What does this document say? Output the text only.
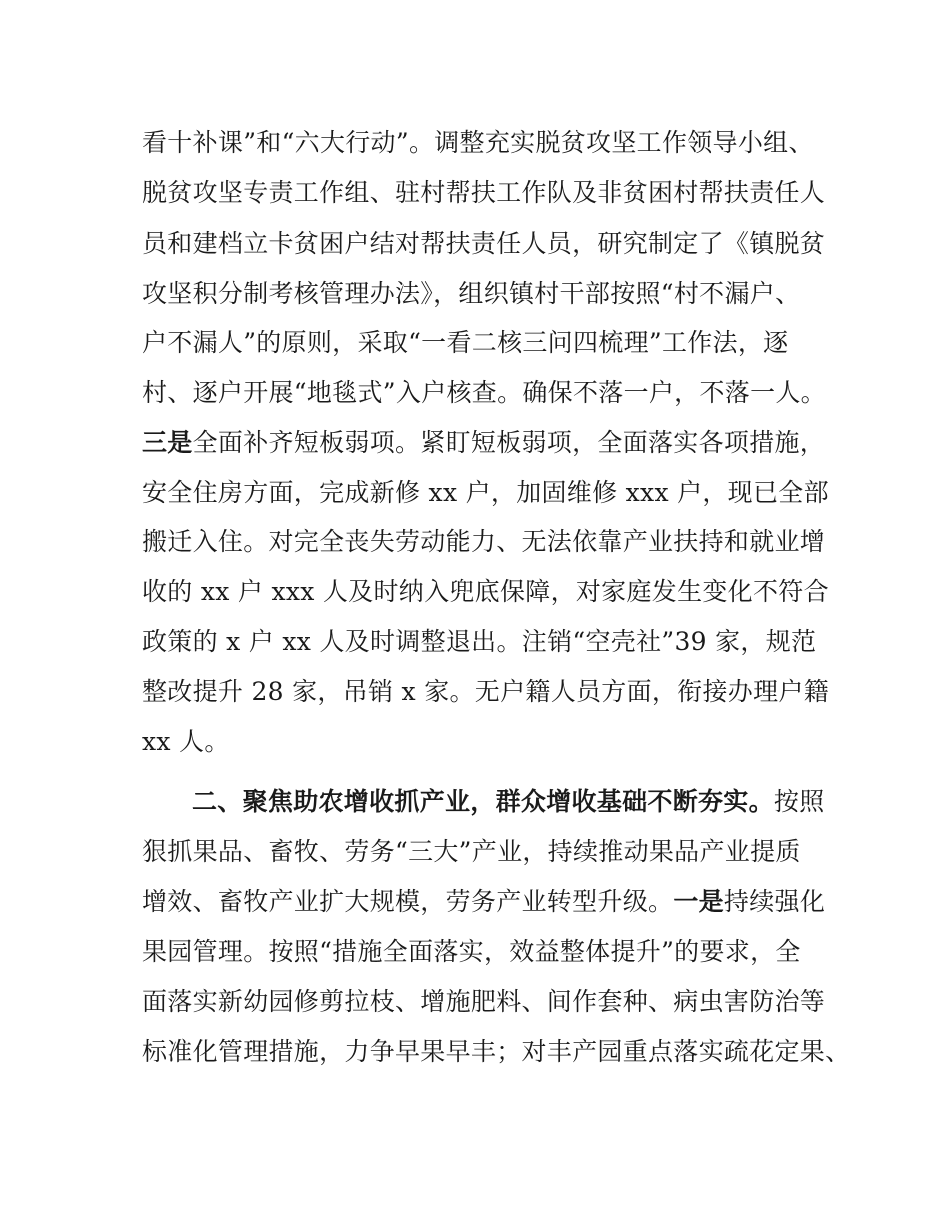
看十补课”和“六大行动”。调整充实脱贫攻坚工作领导小组、
脱贫攻坚专责工作组、驻村帮扶工作队及非贫困村帮扶责任人
员和建档立卡贫困户结对帮扶责任人员，研究制定了《镇脱贫
攻坚积分制考核管理办法》，组织镇村干部按照“村不漏户、
户不漏人”的原则，采取“一看二核三问四梳理”工作法，逐
村、逐户开展“地毯式”入户核查。确保不落一户，不落一人。
三是全面补齐短板弱项。紧盯短板弱项，全面落实各项措施，
安全住房方面，完成新修 xx 户，加固维修 xxx 户，现已全部
搬迁入住。对完全丧失劳动能力、无法依靠产业扶持和就业增
收的 xx 户 xxx 人及时纳入兜底保障，对家庭发生变化不符合
政策的 x 户 xx 人及时调整退出。注销“空壳社”39 家，规范
整改提升 28 家，吊销 x 家。无户籍人员方面，衔接办理户籍
xx 人。
二、聚焦助农增收抓产业，群众增收基础不断夯实。按照
狠抓果品、畜牧、劳务“三大”产业，持续推动果品产业提质
增效、畜牧产业扩大规模，劳务产业转型升级。一是持续强化
果园管理。按照“措施全面落实，效益整体提升”的要求，全
面落实新幼园修剪拉枝、增施肥料、间作套种、病虫害防治等
标准化管理措施，力争早果早丰；对丰产园重点落实疏花定果、
